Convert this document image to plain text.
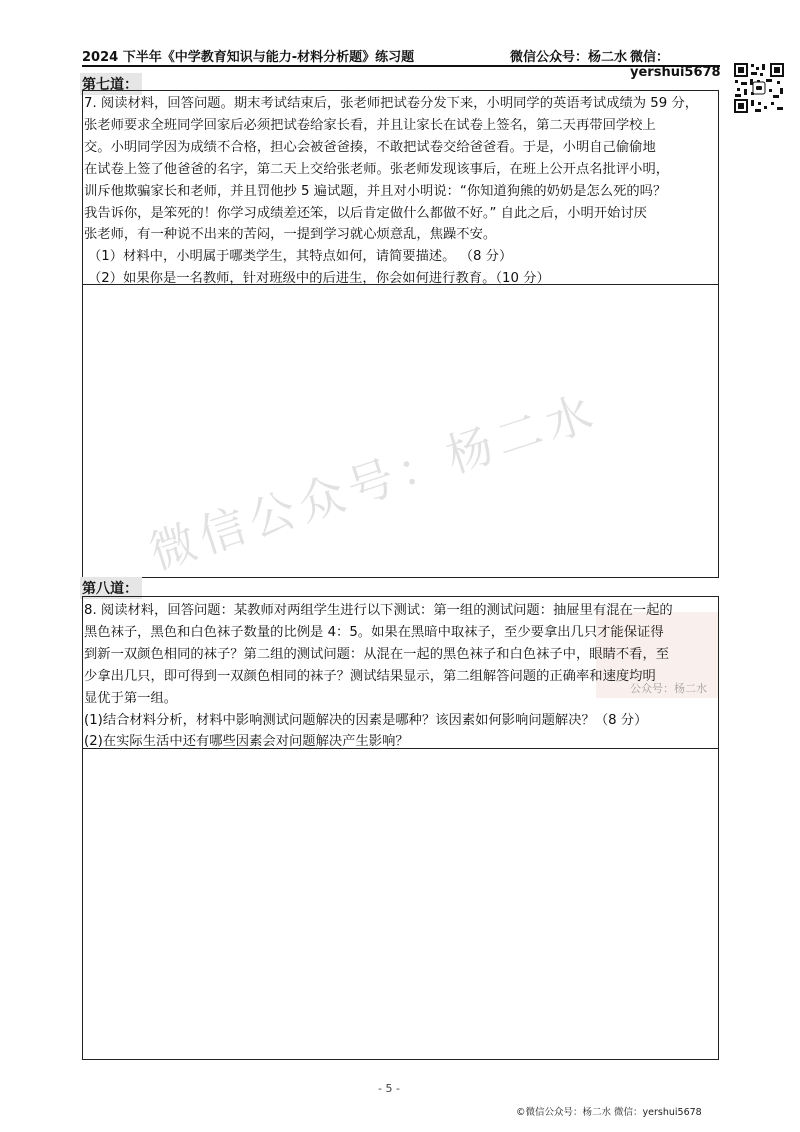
2024 下半年《中学教育知识与能力-材料分析题》练习题	微信公众号：杨二水 微信：yershui5678
第七道：

7. 阅读材料，回答问题。期末考试结束后，张老师把试卷分发下来，小明同学的英语考试成绩为 59 分，

张老师要求全班同学回家后必须把试卷给家长看，并且让家长在试卷上签名，第二天再带回学校上

交。小明同学因为成绩不合格，担心会被爸爸揍，不敢把试卷交给爸爸看。于是，小明自己偷偷地

在试卷上签了他爸爸的名字，第二天上交给张老师。张老师发现该事后，在班上公开点名批评小明，

训斥他欺骗家长和老师，并且罚他抄 5 遍试题，并且对小明说：“你知道狗熊的奶奶是怎么死的吗？

我告诉你，是笨死的！你学习成绩差还笨，以后肯定做什么都做不好。” 自此之后，小明开始讨厌

张老师，有一种说不出来的苦闷，一提到学习就心烦意乱，焦躁不安。

（1）材料中，小明属于哪类学生，其特点如何，请简要描述。 （8 分）

（2）如果你是一名教师，针对班级中的后进生，你会如何进行教育。（10 分）

第八道：

8. 阅读材料，回答问题：某教师对两组学生进行以下测试：第一组的测试问题：抽屉里有混在一起的

黑色袜子，黑色和白色袜子数量的比例是 4：5。如果在黑暗中取袜子，至少要拿出几只才能保证得

到新一双颜色相同的袜子？第二组的测试问题：从混在一起的黑色袜子和白色袜子中，眼睛不看，至

少拿出几只，即可得到一双颜色相同的袜子？测试结果显示，第二组解答问题的正确率和速度均明

显优于第一组。

(1)结合材料分析，材料中影响测试问题解决的因素是哪种？该因素如何影响问题解决？（8 分）

(2)在实际生活中还有哪些因素会对问题解决产生影响？

微信公众号：杨二水
公众号：杨二水
- 5 -
©微信公众号：杨二水 微信：yershui5678
